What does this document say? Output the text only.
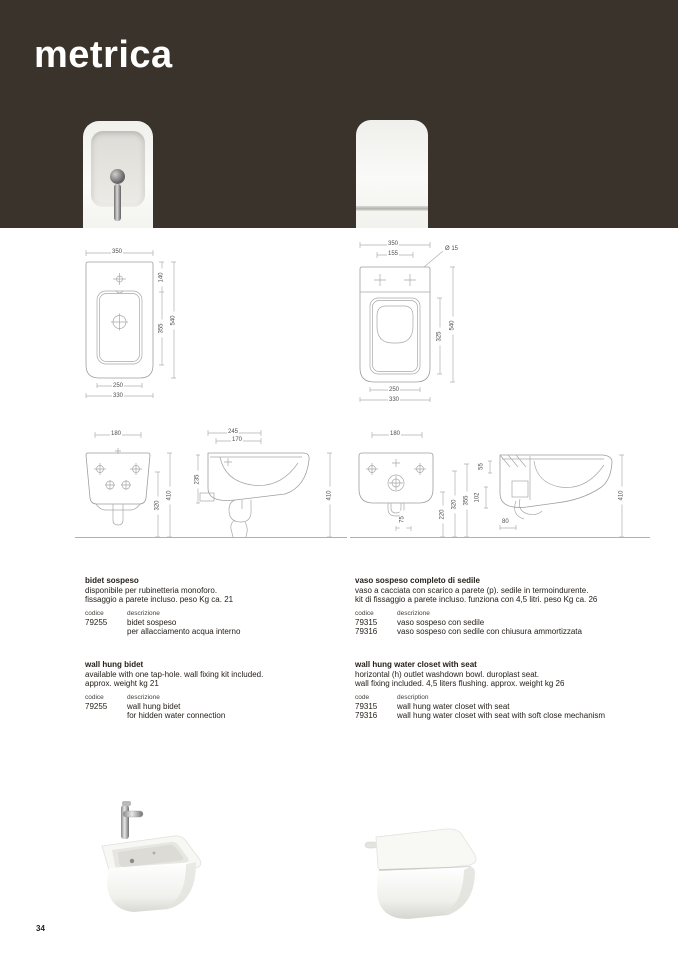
metrica
350
140
355
540
250
330
350
155
Ø 15
325
540
250
330
180
320
410
245
170
235
410
180
75	220
320 355
55
102
80
410
bidet sospeso
disponibile per rubinetteria monoforo.
fissaggio a parete incluso. peso Kg ca. 21
codice	descrizione
79255	bidet sospeso
per allacciamento acqua interno
vaso sospeso completo di sedile
vaso a cacciata con scarico a parete (p). sedile in termoindurente.
kit di fissaggio a parete incluso. funziona con 4,5 litri. peso Kg ca. 26
codice	descrizione
79315	vaso sospeso con sedile
79316	vaso sospeso con sedile con chiusura ammortizzata
wall hung bidet
available with one tap-hole. wall fixing kit included.
approx. weight kg 21
codice	descrizione
79255	wall hung bidet
for hidden water connection
wall hung water closet with seat
horizontal (h) outlet washdown bowl. duroplast seat.
wall fixing included. 4,5 liters flushing. approx. weight kg 26
code	description
79315	wall hung water closet with seat
79316	wall hung water closet with seat with soft close mechanism
34
